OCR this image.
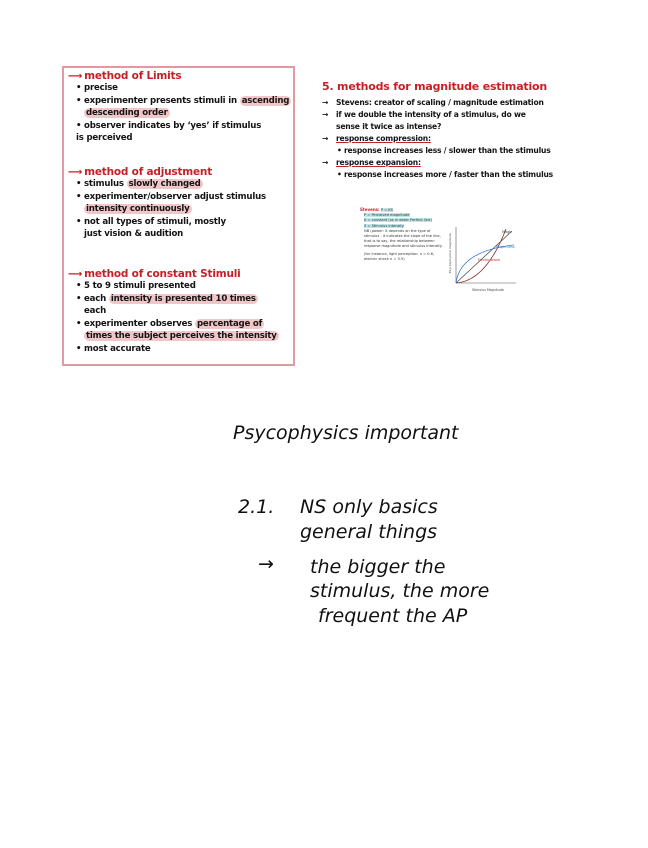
⟶ method of Limits
• precise
• experimenter presents stimuli in ascending
descending order
• observer indicates by ‘yes’ if stimulus
is perceived
⟶ method of adjustment
• stimulus slowly changed
• experimenter/observer adjust stimulus
intensity continuously
• not all types of stimuli, mostly
just vision & audition
⟶ method of constant Stimuli
• 5 to 9 stimuli presented
• each intensity is presented 10 times
each
• experimenter observes percentage of
times the subject perceives the intensity
• most accurate
5. methods for magnitude estimation
→ Stevens: creator of scaling / magnitude estimation
→ if we double the intensity of a stimulus, do we
sense it twice as intense?
→ response compression:
• response increases less / slower than the stimulus
→ response expansion:
• response increases more / faster than the stimulus
Stevens: P = KS
P = Perceived magnitude
K = constant (ss in wider Perfect line)
S = Stimulus intensity
NB (power: it depends on the type of stimulus - it indicates the slope of the line, that is to say, the relationship between response magnitude and stimulus intensity.
(for instance, light perception: n = 0.6, electric shock n = 3.5)
Magh
Brightness
Electric shock
Stimulus Magnitude
Psychophysical magnitude
Psycophysics important
2.1. NS only basics
general things
→ the bigger the
stimulus, the more
frequent the AP
